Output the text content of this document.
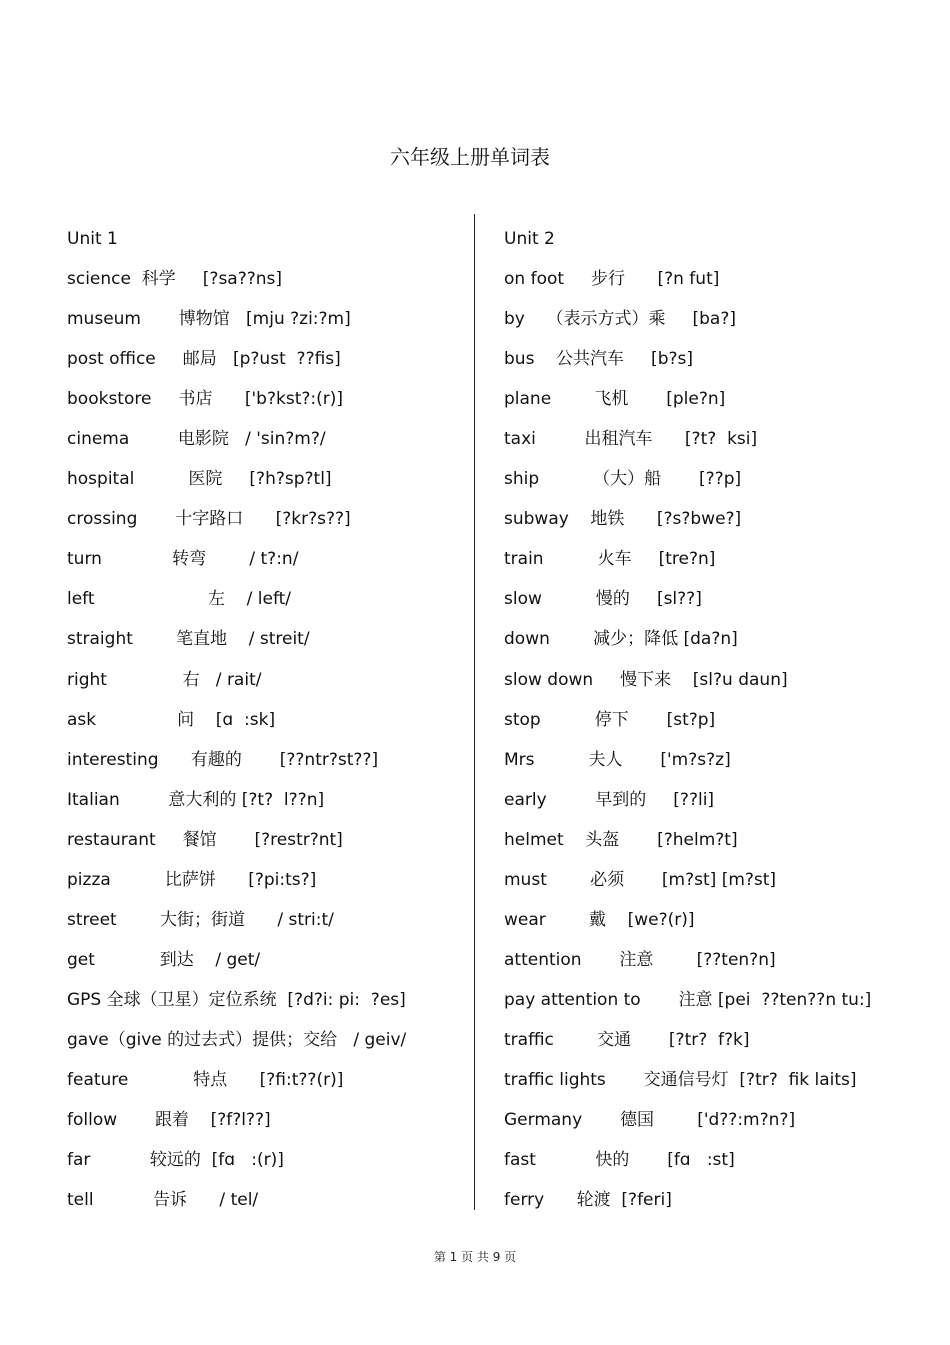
六年级上册单词表
Unit 1
science  科学     [?sa??ns]
museum       博物馆   [mju ?zi:?m]
post office     邮局   [p?ust  ??fis]
bookstore     书店      ['b?kst?:(r)]
cinema         电影院   / 'sin?m?/
hospital          医院     [?h?sp?tl]
crossing       十字路口      [?kr?s??]
turn             转弯        / t?:n/
left                     左    / left/
straight        笔直地    / streit/
right              右   / rait/
ask               问    [ɑ  :sk]
interesting      有趣的       [??ntr?st??]
Italian         意大利的 [?t?  l??n]
restaurant     餐馆       [?restr?nt]
pizza          比萨饼      [?pi:ts?]
street        大街；街道      / stri:t/
get            到达    / get/
GPS 全球（卫星）定位系统  [?d?i: pi:  ?es]
gave（give 的过去式）提供；交给   / geiv/
feature            特点      [?fi:t??(r)]
follow       跟着    [?f?l??]
far           较远的  [fɑ   :(r)]
tell           告诉      / tel/
Unit 2
on foot     步行      [?n fut]
by    （表示方式）乘     [ba?]
bus    公共汽车     [b?s]
plane        飞机       [ple?n]
taxi         出租汽车      [?t?  ksi]
ship          （大）船       [??p]
subway    地铁      [?s?bwe?]
train          火车     [tre?n]
slow          慢的     [sl??]
down        减少；降低 [da?n]
slow down     慢下来    [sl?u daun]
stop          停下       [st?p]
Mrs          夫人       ['m?s?z]
early         早到的     [??li]
helmet    头盔       [?helm?t]
must        必须       [m?st] [m?st]
wear        戴    [we?(r)]
attention       注意        [??ten?n]
pay attention to       注意 [pei  ??ten??n tu:]
traffic        交通       [?tr?  f?k]
traffic lights       交通信号灯  [?tr?  fik laits]
Germany       德国        ['d??:m?n?]
fast           快的       [fɑ   :st]
ferry      轮渡  [?feri]
第 1 页 共 9 页
